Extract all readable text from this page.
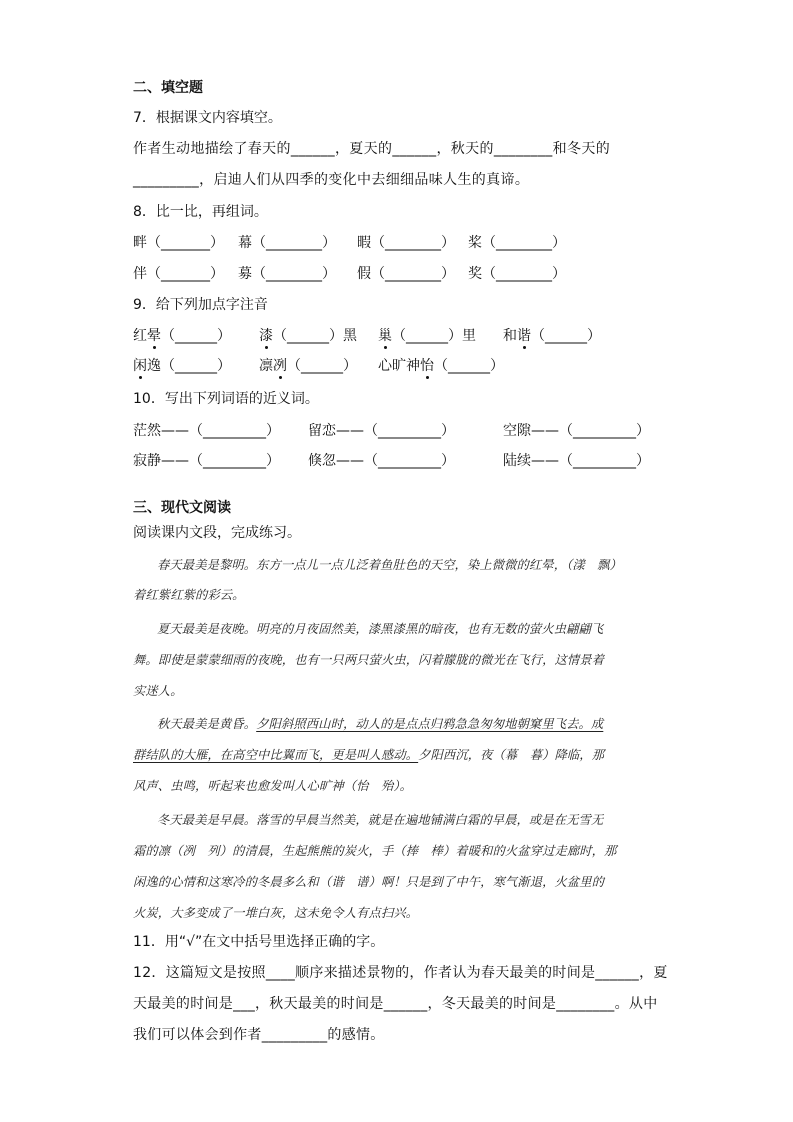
二、填空题
7．根据课文内容填空。
作者生动地描绘了春天的______，夏天的______，秋天的________和冬天的
_________，启迪人们从四季的变化中去细细品味人生的真谛。
8．比一比，再组词。
畔（_______） 幕（________） 暇（________） 桨（________）
伴（_______） 募（________） 假（________） 奖（________）
9．给下列加点字注音
红晕（______） 漆（______）黑 巢（______）里 和谐（______）
闲逸（______） 凛冽（______） 心旷神怡（______）
10．写出下列词语的近义词。
茫然——（_________） 留恋——（_________）	空隙——（_________）
寂静——（_________） 倏忽——（_________）	陆续——（_________）
三、现代文阅读
阅读课内文段，完成练习。
春天最美是黎明。东方一点儿一点儿泛着鱼肚色的天空，染上微微的红晕，（漾　飘）
着红紫红紫的彩云。
夏天最美是夜晚。明亮的月夜固然美，漆黑漆黑的暗夜，也有无数的萤火虫翩翩飞
舞。即使是蒙蒙细雨的夜晚，也有一只两只萤火虫，闪着朦胧的微光在飞行，这情景着
实迷人。
秋天最美是黄昏。夕阳斜照西山时，动人的是点点归鸦急急匆匆地朝窠里飞去。成
群结队的大雁，在高空中比翼而飞，更是叫人感动。夕阳西沉，夜（幕　暮）降临，那
风声、虫鸣，听起来也愈发叫人心旷神（怡　殆）。
冬天最美是早晨。落雪的早晨当然美，就是在遍地铺满白霜的早晨，或是在无雪无
霜的凛（冽　列）的清晨，生起熊熊的炭火，手（捧　棒）着暖和的火盆穿过走廊时，那
闲逸的心情和这寒冷的冬晨多么和（谐　谱）啊！只是到了中午，寒气渐退，火盆里的
火炭，大多变成了一堆白灰，这未免令人有点扫兴。
11．用“√”在文中括号里选择正确的字。
12．这篇短文是按照____顺序来描述景物的，作者认为春天最美的时间是______，夏
天最美的时间是___，秋天最美的时间是______，冬天最美的时间是________。从中
我们可以体会到作者_________的感情。
